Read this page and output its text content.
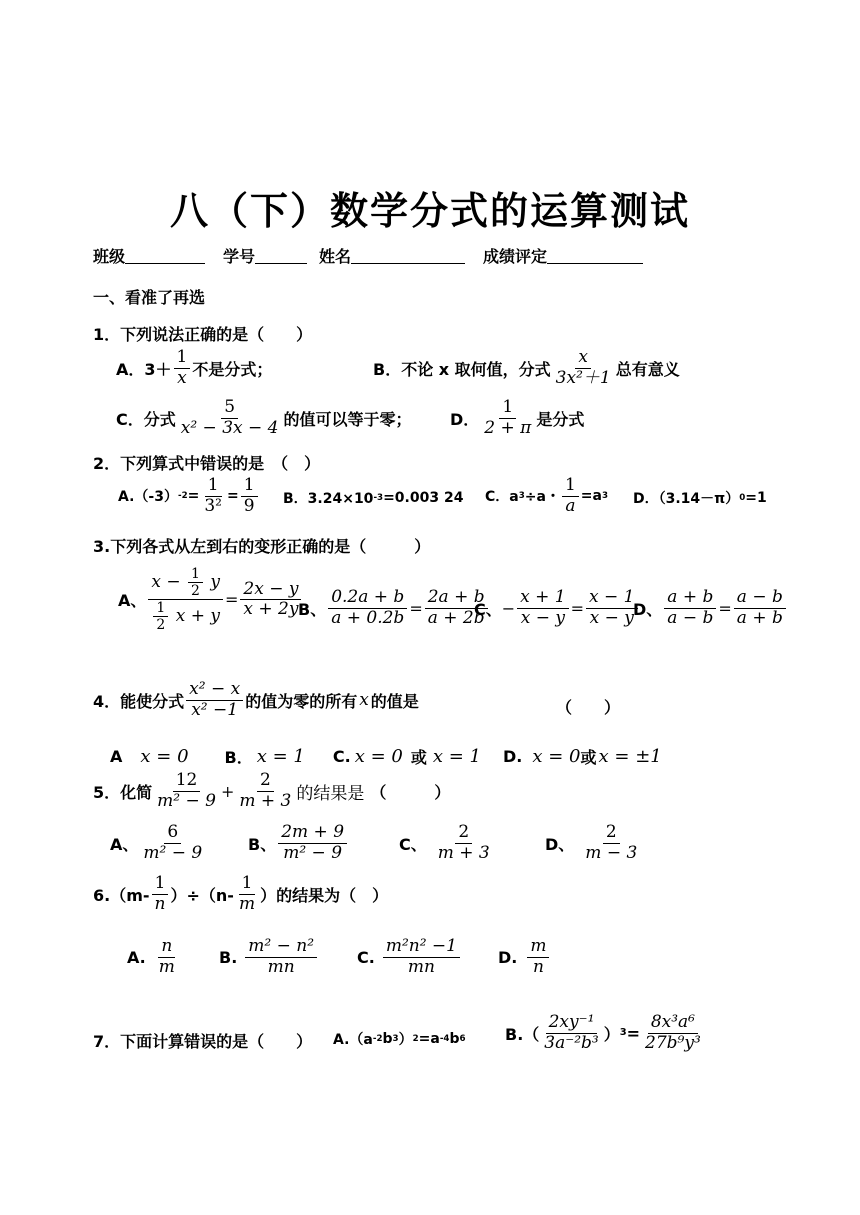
八（下）数学分式的运算测试
班级	学号	姓名	成绩评定
一、看准了再选
1．下列说法正确的是（　　）
A．$3+ \frac{1}{x}$ 不是分式；	B．不论 x 取何值，分式 $\frac{x}{\text{3x²＋1}}$ 总有意义
C．分式 $\frac{5}{\text{x² − 3x − 4}}$ 的值可以等于零； D． $\frac{1}{2 + \pi}$ 是分式
2．下列算式中错误的是　（　）
A.（-3） $-2 = \frac{1}{\text{3²}} = \frac{1}{9}$ B．3.24×10 -3 =0.003 24 C．a 3 ÷a・ $\frac{1}{a} =a$ 3 D．（3.14－π） 0 =1
3.下列各式从左到右的变形正确的是（　　　）
A、 $\frac{x - \frac{1}{2} y}{\frac{1}{2} x + y} = \frac{2x - y}{x + 2y}$
B、 $\frac{0.2a + b}{a + 0.2b} = \frac{2a + b}{a + 2b}$
C、 − $\frac{x + 1}{x - y} = \frac{x - 1}{x - y}$
D、 $\frac{a + b}{a - b} = \frac{a - b}{a + b}$
4．能使分式 $\frac{\text{x² − x}}{\text{x² −1}}$ 的值为零的所有 x 的值是	（　　）
A x = 0 B． x = 1 C. x = 0 或 x = 1 D. x = 0 或 x = ±1
5．化简 $\frac{12}{\text{m² − 9}} + \frac{2}{m + 3}$ 的结果是 （　　　）
A、 $\frac{6}{\text{m² − 9}}$	B、 $\frac{2m + 9}{\text{m² − 9}}$	C、 $\frac{2}{m + 3}$	D、 $\frac{2}{m - 3}$
$6.(m- \frac{1}{n} )\div(n- \frac{1}{m}$ ）的结果为（　）
A. $\frac{n}{m}$	B. $\frac{\text{m² − n²}}{mn} C$. $\frac{\text{m²n² −1}}{mn} D$. $\frac{m}{n}$
7．下面计算错误的是（　　） A.（a -2 b 3 ） 2 =a -4 b 6 $B.( \frac{\text{2xy⁻¹}}{\text{3a⁻²b³}}$ ） $3 = \frac{\text{8x³a⁶}}{\text{27b⁹y³}}$
